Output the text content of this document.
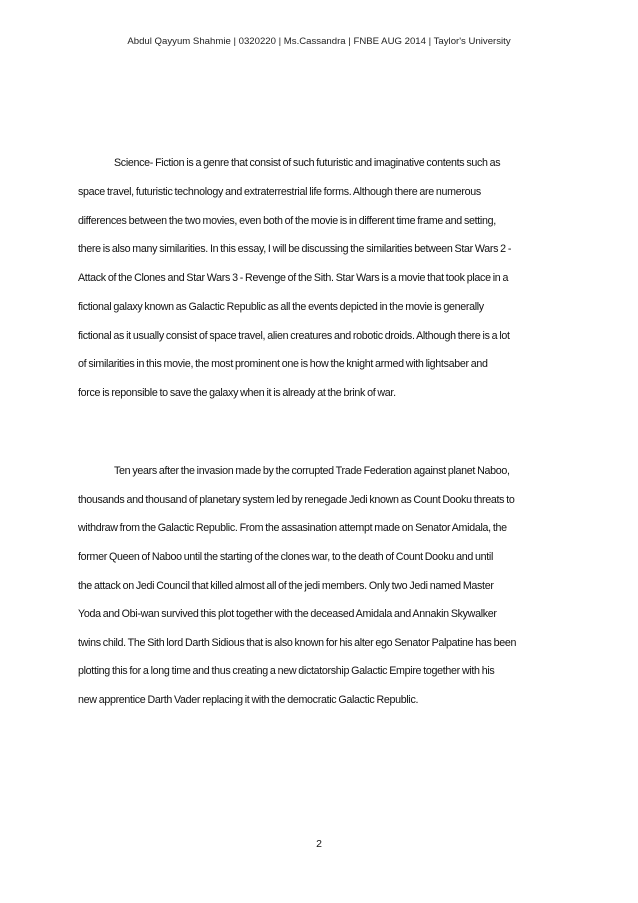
Abdul Qayyum Shahmie | 0320220 | Ms.Cassandra | FNBE AUG 2014 | Taylor's University
Science- Fiction is a genre that consist of such futuristic and imaginative contents such as
space travel, futuristic technology and extraterrestrial life forms. Although there are numerous
differences between the two movies, even both of the movie is in different time frame and setting,
there is also many similarities. In this essay, I will be discussing the similarities between Star Wars 2 -
Attack of the Clones and Star Wars 3 - Revenge of the Sith. Star Wars is a movie that took place in a
fictional galaxy known as Galactic Republic as all the events depicted in the movie is generally
fictional as it usually consist of space travel, alien creatures and robotic droids. Although there is a lot
of similarities in this movie, the most prominent one is how the knight armed with lightsaber and
force is reponsible to save the galaxy when it is already at the brink of war.
Ten years after the invasion made by the corrupted Trade Federation against planet Naboo,
thousands and thousand of planetary system led by renegade Jedi known as Count Dooku threats to
withdraw from the Galactic Republic. From the assasination attempt made on Senator Amidala, the
former Queen of Naboo until the starting of the clones war, to the death of Count Dooku and until
the attack on Jedi Council that killed almost all of the jedi members. Only two Jedi named Master
Yoda and Obi-wan survived this plot together with the deceased Amidala and Annakin Skywalker
twins child. The Sith lord Darth Sidious that is also known for his alter ego Senator Palpatine has been
plotting this for a long time and thus creating a new dictatorship Galactic Empire together with his
new apprentice Darth Vader replacing it with the democratic Galactic Republic.
2
